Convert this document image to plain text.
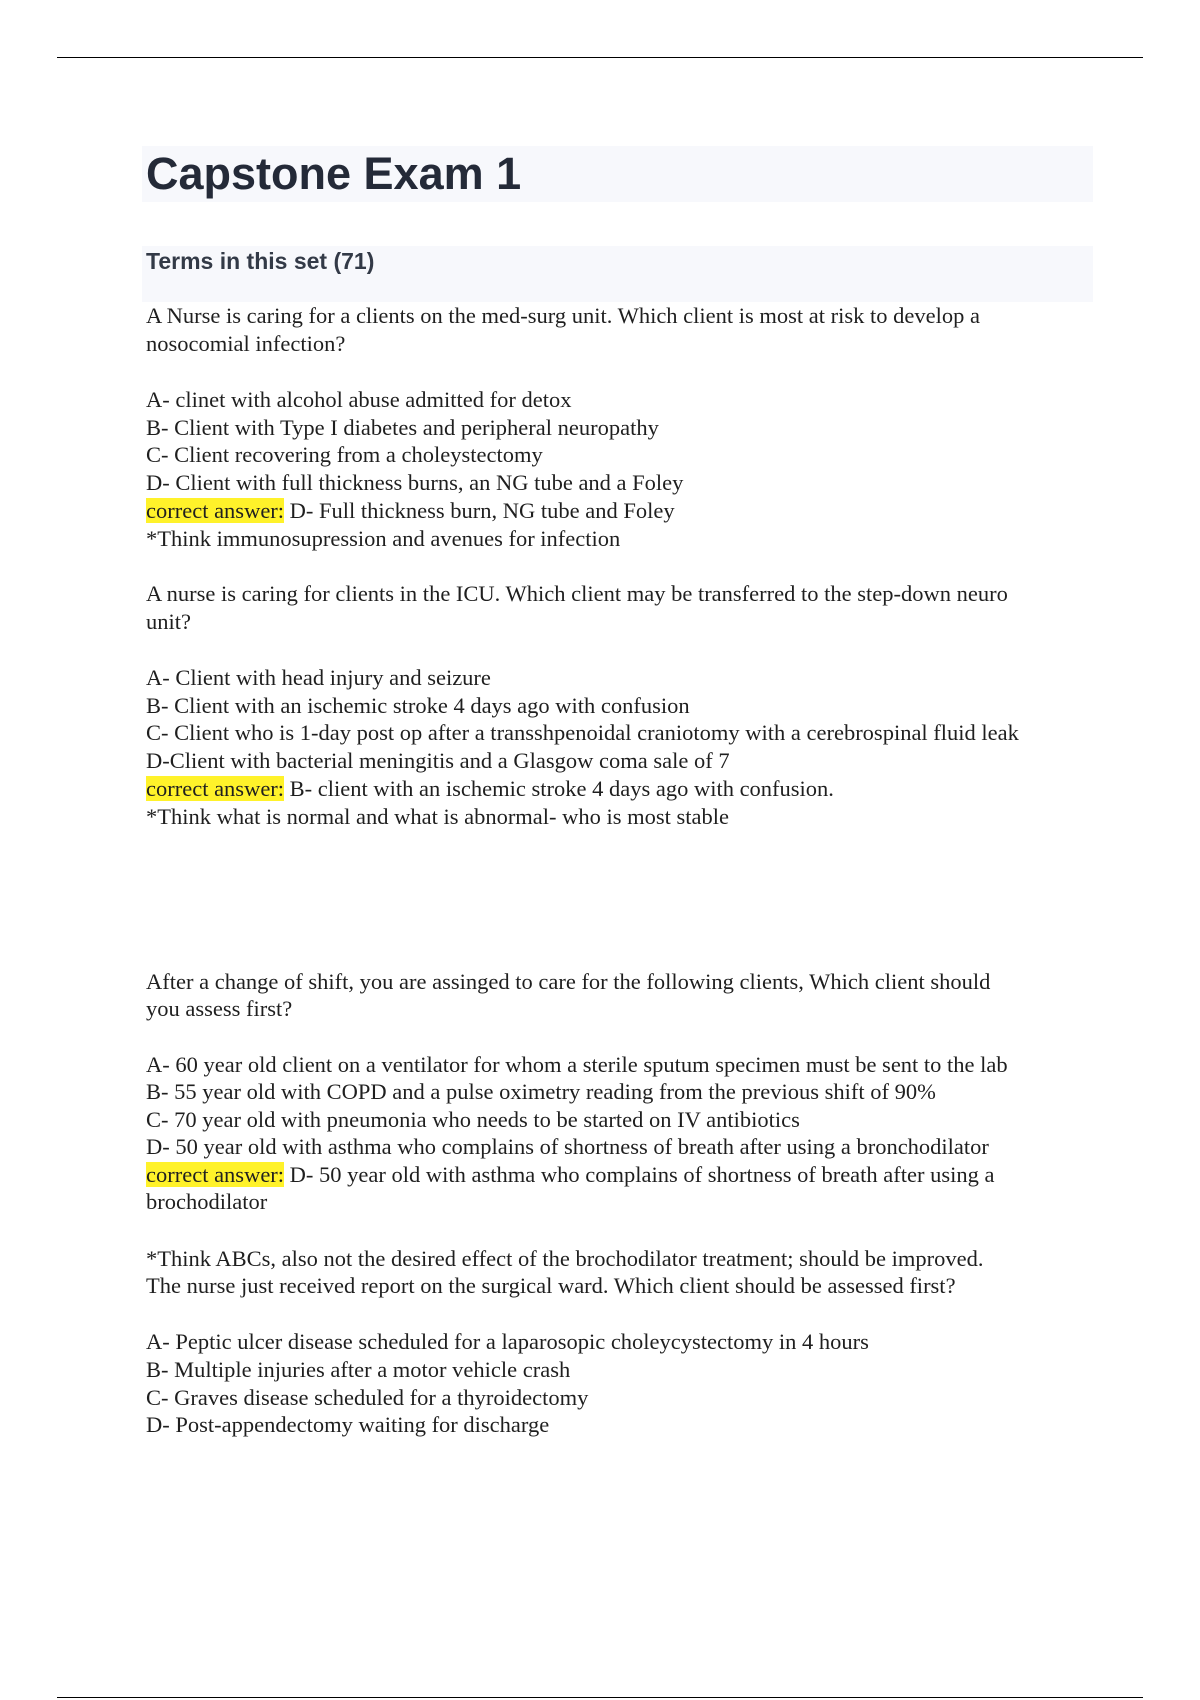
Capstone Exam 1
Terms in this set (71)

A Nurse is caring for a clients on the med-surg unit. Which client is most at risk to develop a

nosocomial infection?

A- clinet with alcohol abuse admitted for detox

B- Client with Type I diabetes and peripheral neuropathy

C- Client recovering from a choleystectomy

D- Client with full thickness burns, an NG tube and a Foley

correct answer: D- Full thickness burn, NG tube and Foley

*Think immunosupression and avenues for infection

A nurse is caring for clients in the ICU. Which client may be transferred to the step-down neuro

unit?

A- Client with head injury and seizure

B- Client with an ischemic stroke 4 days ago with confusion

C- Client who is 1-day post op after a transshpenoidal craniotomy with a cerebrospinal fluid leak

D-Client with bacterial meningitis and a Glasgow coma sale of 7

correct answer: B- client with an ischemic stroke 4 days ago with confusion.

*Think what is normal and what is abnormal- who is most stable

After a change of shift, you are assinged to care for the following clients, Which client should

you assess first?

A- 60 year old client on a ventilator for whom a sterile sputum specimen must be sent to the lab

B- 55 year old with COPD and a pulse oximetry reading from the previous shift of 90%

C- 70 year old with pneumonia who needs to be started on IV antibiotics

D- 50 year old with asthma who complains of shortness of breath after using a bronchodilator

correct answer: D- 50 year old with asthma who complains of shortness of breath after using a

brochodilator

*Think ABCs, also not the desired effect of the brochodilator treatment; should be improved.

The nurse just received report on the surgical ward. Which client should be assessed first?

A- Peptic ulcer disease scheduled for a laparosopic choleycystectomy in 4 hours

B- Multiple injuries after a motor vehicle crash

C- Graves disease scheduled for a thyroidectomy

D- Post-appendectomy waiting for discharge
